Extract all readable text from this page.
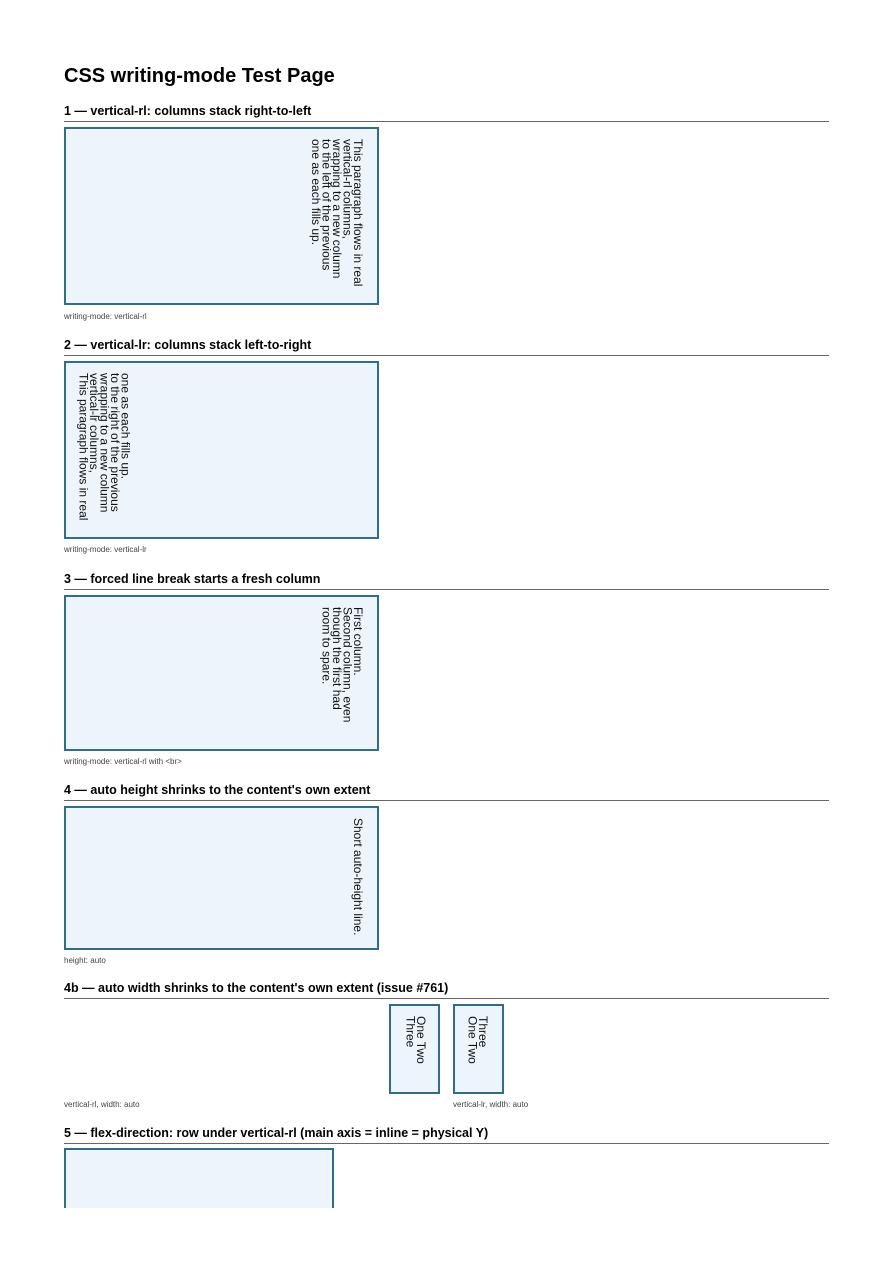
CSS writing-mode Test Page
1 — vertical-rl: columns stack right-to-left

This paragraph flows in real
vertical-rl columns,
wrapping to a new column
to the left of the previous
one as each fills up.

writing-mode: vertical-rl
2 — vertical-lr: columns stack left-to-right

This paragraph flows in real
vertical-lr columns,
wrapping to a new column
to the right of the previous
one as each fills up.

writing-mode: vertical-lr
3 — forced line break starts a fresh column

First column.
Second column, even
though the first had
room to spare.

writing-mode: vertical-rl with <br>
4 — auto height shrinks to the content's own extent

Short auto-height line.

height: auto
4b — auto width shrinks to the content's own extent (issue #761)

One Two
Three	One Two
Three

vertical-rl, width: auto	vertical-lr, width: auto
5 — flex-direction: row under vertical-rl (main axis = inline = physical Y)
